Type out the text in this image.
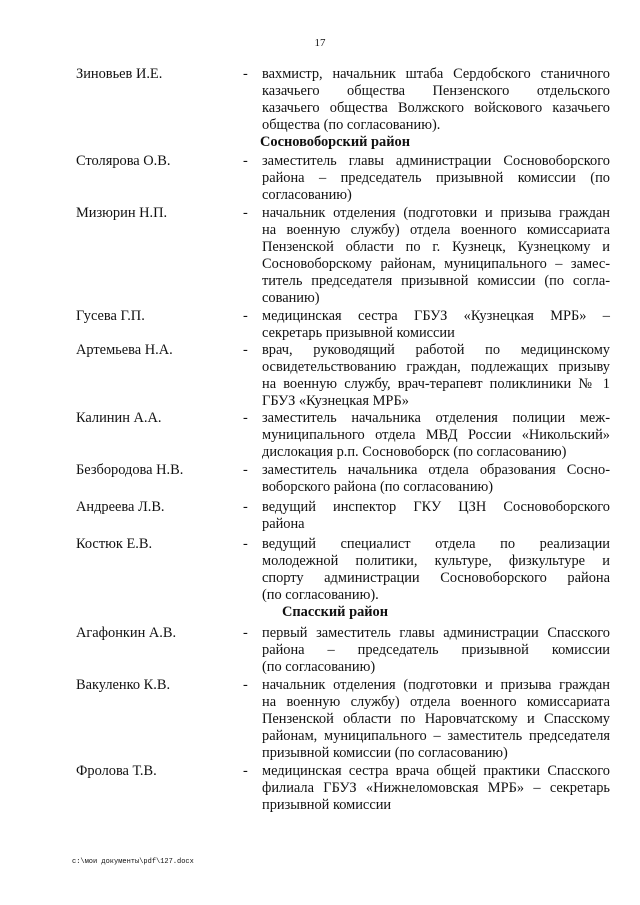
17
Зиновьев И.Е.	- вахмистр, начальник штаба Сердобского станичного
казачьего общества Пензенского отдельского
казачьего общества Волжского войскового казачьего
общества (по согласованию).
Сосновоборский район
Столярова О.В.	- заместитель главы администрации Сосновоборского
района – председатель призывной комиссии (по
согласованию)
Мизюрин Н.П.	- начальник отделения (подготовки и призыва граждан
на военную службу) отдела военного комиссариата
Пензенской области по г. Кузнецк, Кузнецкому и
Сосновоборскому районам, муниципального – замес-
титель председателя призывной комиссии (по согла-
сованию)
Гусева Г.П.	- медицинская сестра ГБУЗ «Кузнецкая МРБ» –
секретарь призывной комиссии
Артемьева Н.А.	- врач, руководящий работой по медицинскому
освидетельствованию граждан, подлежащих призыву
на военную службу, врач-терапевт поликлиники № 1
ГБУЗ «Кузнецкая МРБ»
Калинин А.А.	- заместитель начальника отделения полиции меж-
муниципального отдела МВД России «Никольский»
дислокация р.п. Сосновоборск (по согласованию)
Безбородова Н.В.	- заместитель начальника отдела образования Сосно-
воборского района (по согласованию)
Андреева Л.В.	- ведущий инспектор ГКУ ЦЗН Сосновоборского
района
Костюк Е.В.	- ведущий специалист отдела по реализации
молодежной политики, культуре, физкультуре и
спорту администрации Сосновоборского района
(по согласованию).
Спасский район
Агафонкин А.В.	- первый заместитель главы администрации Спасского
района – председатель призывной комиссии
(по согласованию)
Вакуленко К.В.	- начальник отделения (подготовки и призыва граждан
на военную службу) отдела военного комиссариата
Пензенской области по Наровчатскому и Спасскому
районам, муниципального – заместитель председателя
призывной комиссии (по согласованию)
Фролова Т.В.	- медицинская сестра врача общей практики Спасского
филиала ГБУЗ «Нижнеломовская МРБ» – секретарь
призывной комиссии
c:\мои документы\pdf\127.docx
